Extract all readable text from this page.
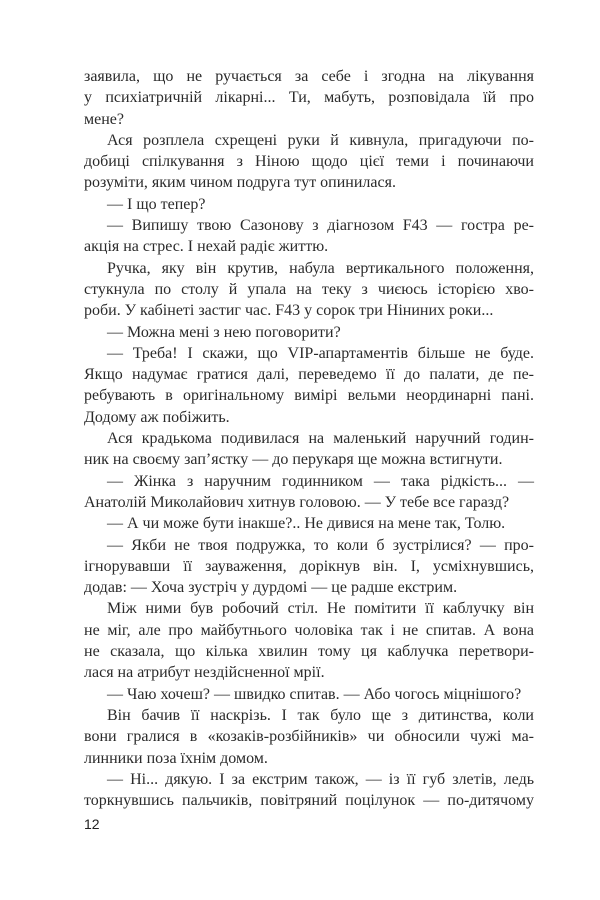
заявила, що не ручається за себе і згодна на лікування
у психіатричній лікарні... Ти, мабуть, розповідала їй про
мене?
Ася розплела схрещені руки й кивнула, пригадуючи по-
добиці спілкування з Ніною щодо цієї теми і починаючи
розуміти, яким чином подруга тут опинилася.
— І що тепер?
— Випишу твою Сазонову з діагнозом F43 — гостра ре-
акція на стрес. І нехай радіє життю.
Ручка, яку він крутив, набула вертикального положення,
стукнула по столу й упала на теку з чиєюсь історією хво-
роби. У кабінеті застиг час. F43 у сорок три Ніниних роки...
— Можна мені з нею поговорити?
— Треба! І скажи, що VIP-апартаментів більше не буде.
Якщо надумає гратися далі, переведемо її до палати, де пе-
ребувають в оригінальному вимірі вельми неординарні пані.
Додому аж побіжить.
Ася крадькома подивилася на маленький наручний годин-
ник на своєму зап’ястку — до перукаря ще можна встигнути.
— Жінка з наручним годинником — така рідкість... —
Анатолій Миколайович хитнув головою. — У тебе все гаразд?
— А чи може бути інакше?.. Не дивися на мене так, Толю.
— Якби не твоя подружка, то коли б зустрілися? — про-
ігнорувавши її зауваження, дорікнув він. І, усміхнувшись,
додав: — Хоча зустріч у дурдомі — це радше екстрим.
Між ними був робочий стіл. Не помітити її каблучку він
не міг, але про майбутнього чоловіка так і не спитав. А вона
не сказала, що кілька хвилин тому ця каблучка перетвори-
лася на атрибут нездійсненної мрії.
— Чаю хочеш? — швидко спитав. — Або чогось міцнішого?
Він бачив її наскрізь. І так було ще з дитинства, коли
вони гралися в «козаків-розбійників» чи обносили чужі ма-
линники поза їхнім домом.
— Ні... дякую. І за екстрим також, — із її губ злетів, ледь
торкнувшись пальчиків, повітряний поцілунок — по-дитячому
12
